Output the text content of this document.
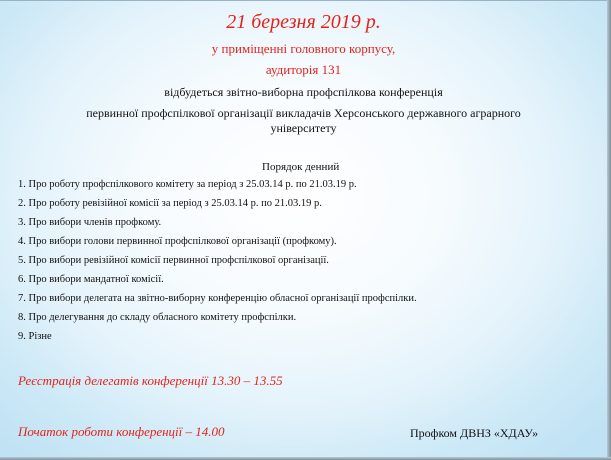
21 березня 2019 р.

у приміщенні головного корпусу,

аудиторія 131

відбудеться звітно-виборна профспілкова конференція

первинної профспілкової організації викладачів Херсонського державного аграрного

університету

Порядок денний

1. Про роботу профспілкового комітету за період з 25.03.14 р. по 21.03.19 р.
2. Про роботу ревізійної комісії за період з 25.03.14 р. по 21.03.19 р.
3. Про вибори членів профкому.
4. Про вибори голови первинної профспілкової організації (профкому).
5. Про вибори ревізійної комісії первинної профспілкової організації.
6. Про вибори мандатної комісії.
7. Про вибори делегата на звітно-виборну конференцію обласної організації профспілки.
8. Про делегування до складу обласного комітету профспілки.
9. Різне

Реєстрація делегатів конференції 13.30 – 13.55

Початок роботи конференції – 14.00	Профком ДВНЗ «ХДАУ»
